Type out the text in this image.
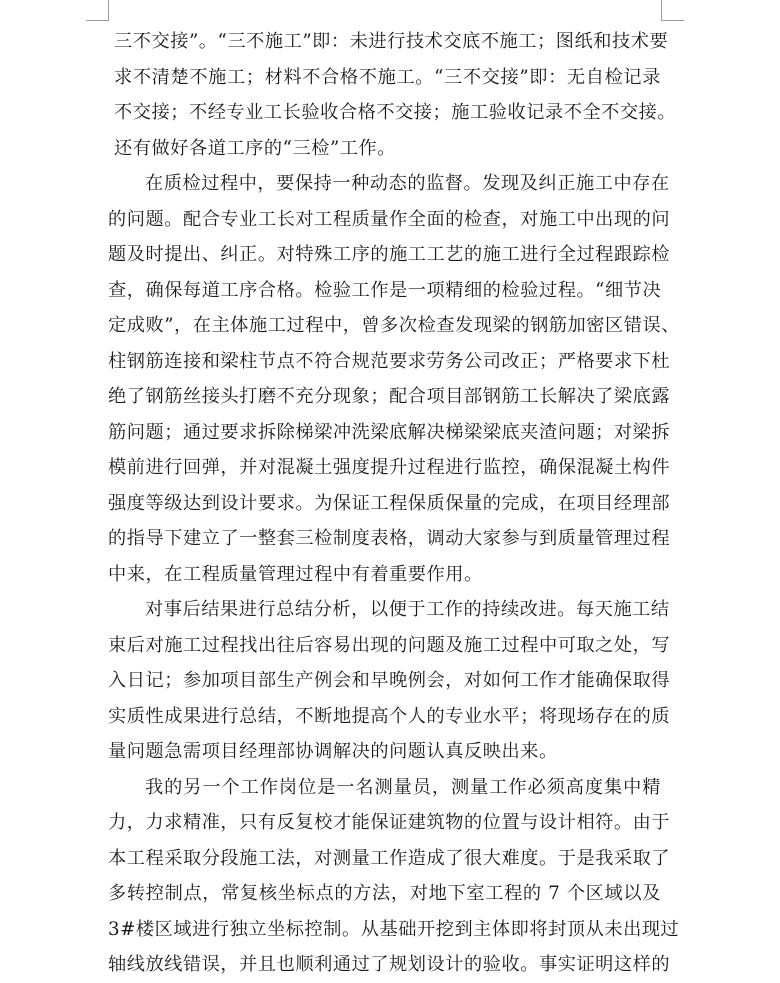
三不交接”。“三不施工”即：未进行技术交底不施工；图纸和技术要
求不清楚不施工；材料不合格不施工。“三不交接”即：无自检记录
不交接；不经专业工长验收合格不交接；施工验收记录不全不交接。
还有做好各道工序的“三检”工作。
在质检过程中，要保持一种动态的监督。发现及纠正施工中存在
的问题。配合专业工长对工程质量作全面的检查，对施工中出现的问
题及时提出、纠正。对特殊工序的施工工艺的施工进行全过程跟踪检
查，确保每道工序合格。检验工作是一项精细的检验过程。“细节决
定成败”，在主体施工过程中，曾多次检查发现梁的钢筋加密区错误、
柱钢筋连接和梁柱节点不符合规范要求劳务公司改正；严格要求下杜
绝了钢筋丝接头打磨不充分现象；配合项目部钢筋工长解决了梁底露
筋问题；通过要求拆除梯梁冲洗梁底解决梯梁梁底夹渣问题；对梁拆
模前进行回弹，并对混凝土强度提升过程进行监控，确保混凝土构件
强度等级达到设计要求。为保证工程保质保量的完成，在项目经理部
的指导下建立了一整套三检制度表格，调动大家参与到质量管理过程
中来，在工程质量管理过程中有着重要作用。
对事后结果进行总结分析，以便于工作的持续改进。每天施工结
束后对施工过程找出往后容易出现的问题及施工过程中可取之处，写
入日记；参加项目部生产例会和早晚例会，对如何工作才能确保取得
实质性成果进行总结，不断地提高个人的专业水平；将现场存在的质
量问题急需项目经理部协调解决的问题认真反映出来。
我的另一个工作岗位是一名测量员，测量工作必须高度集中精
力，力求精准，只有反复校才能保证建筑物的位置与设计相符。由于
本工程采取分段施工法，对测量工作造成了很大难度。于是我采取了
多转控制点，常复核坐标点的方法，对地下室工程的 7 个区域以及
3#楼区域进行独立坐标控制。从基础开挖到主体即将封顶从未出现过
轴线放线错误，并且也顺利通过了规划设计的验收。事实证明这样的
